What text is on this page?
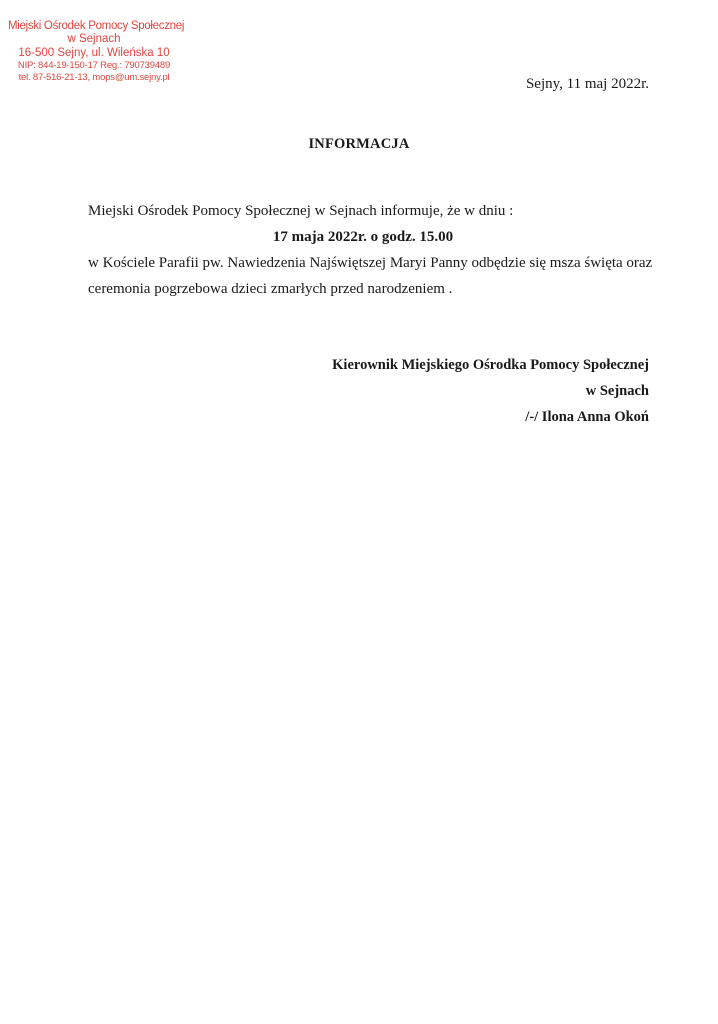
Miejski Ośrodek Pomocy Społecznej
w Sejnach
16-500 Sejny, ul. Wileńska 10
NIP: 844-19-150-17 Reg.: 790739489
tel. 87-516-21-13, mops@um.sejny.pl	Sejny, 11 maj 2022r.
INFORMACJA
Miejski Ośrodek Pomocy Społecznej w Sejnach informuje, że w dniu :
17 maja 2022r. o godz. 15.00
w Kościele Parafii pw. Nawiedzenia Najświętszej Maryi Panny odbędzie się msza święta oraz
ceremonia pogrzebowa dzieci zmarłych przed narodzeniem .
Kierownik Miejskiego Ośrodka Pomocy Społecznej
w Sejnach
/-/ Ilona Anna Okoń
